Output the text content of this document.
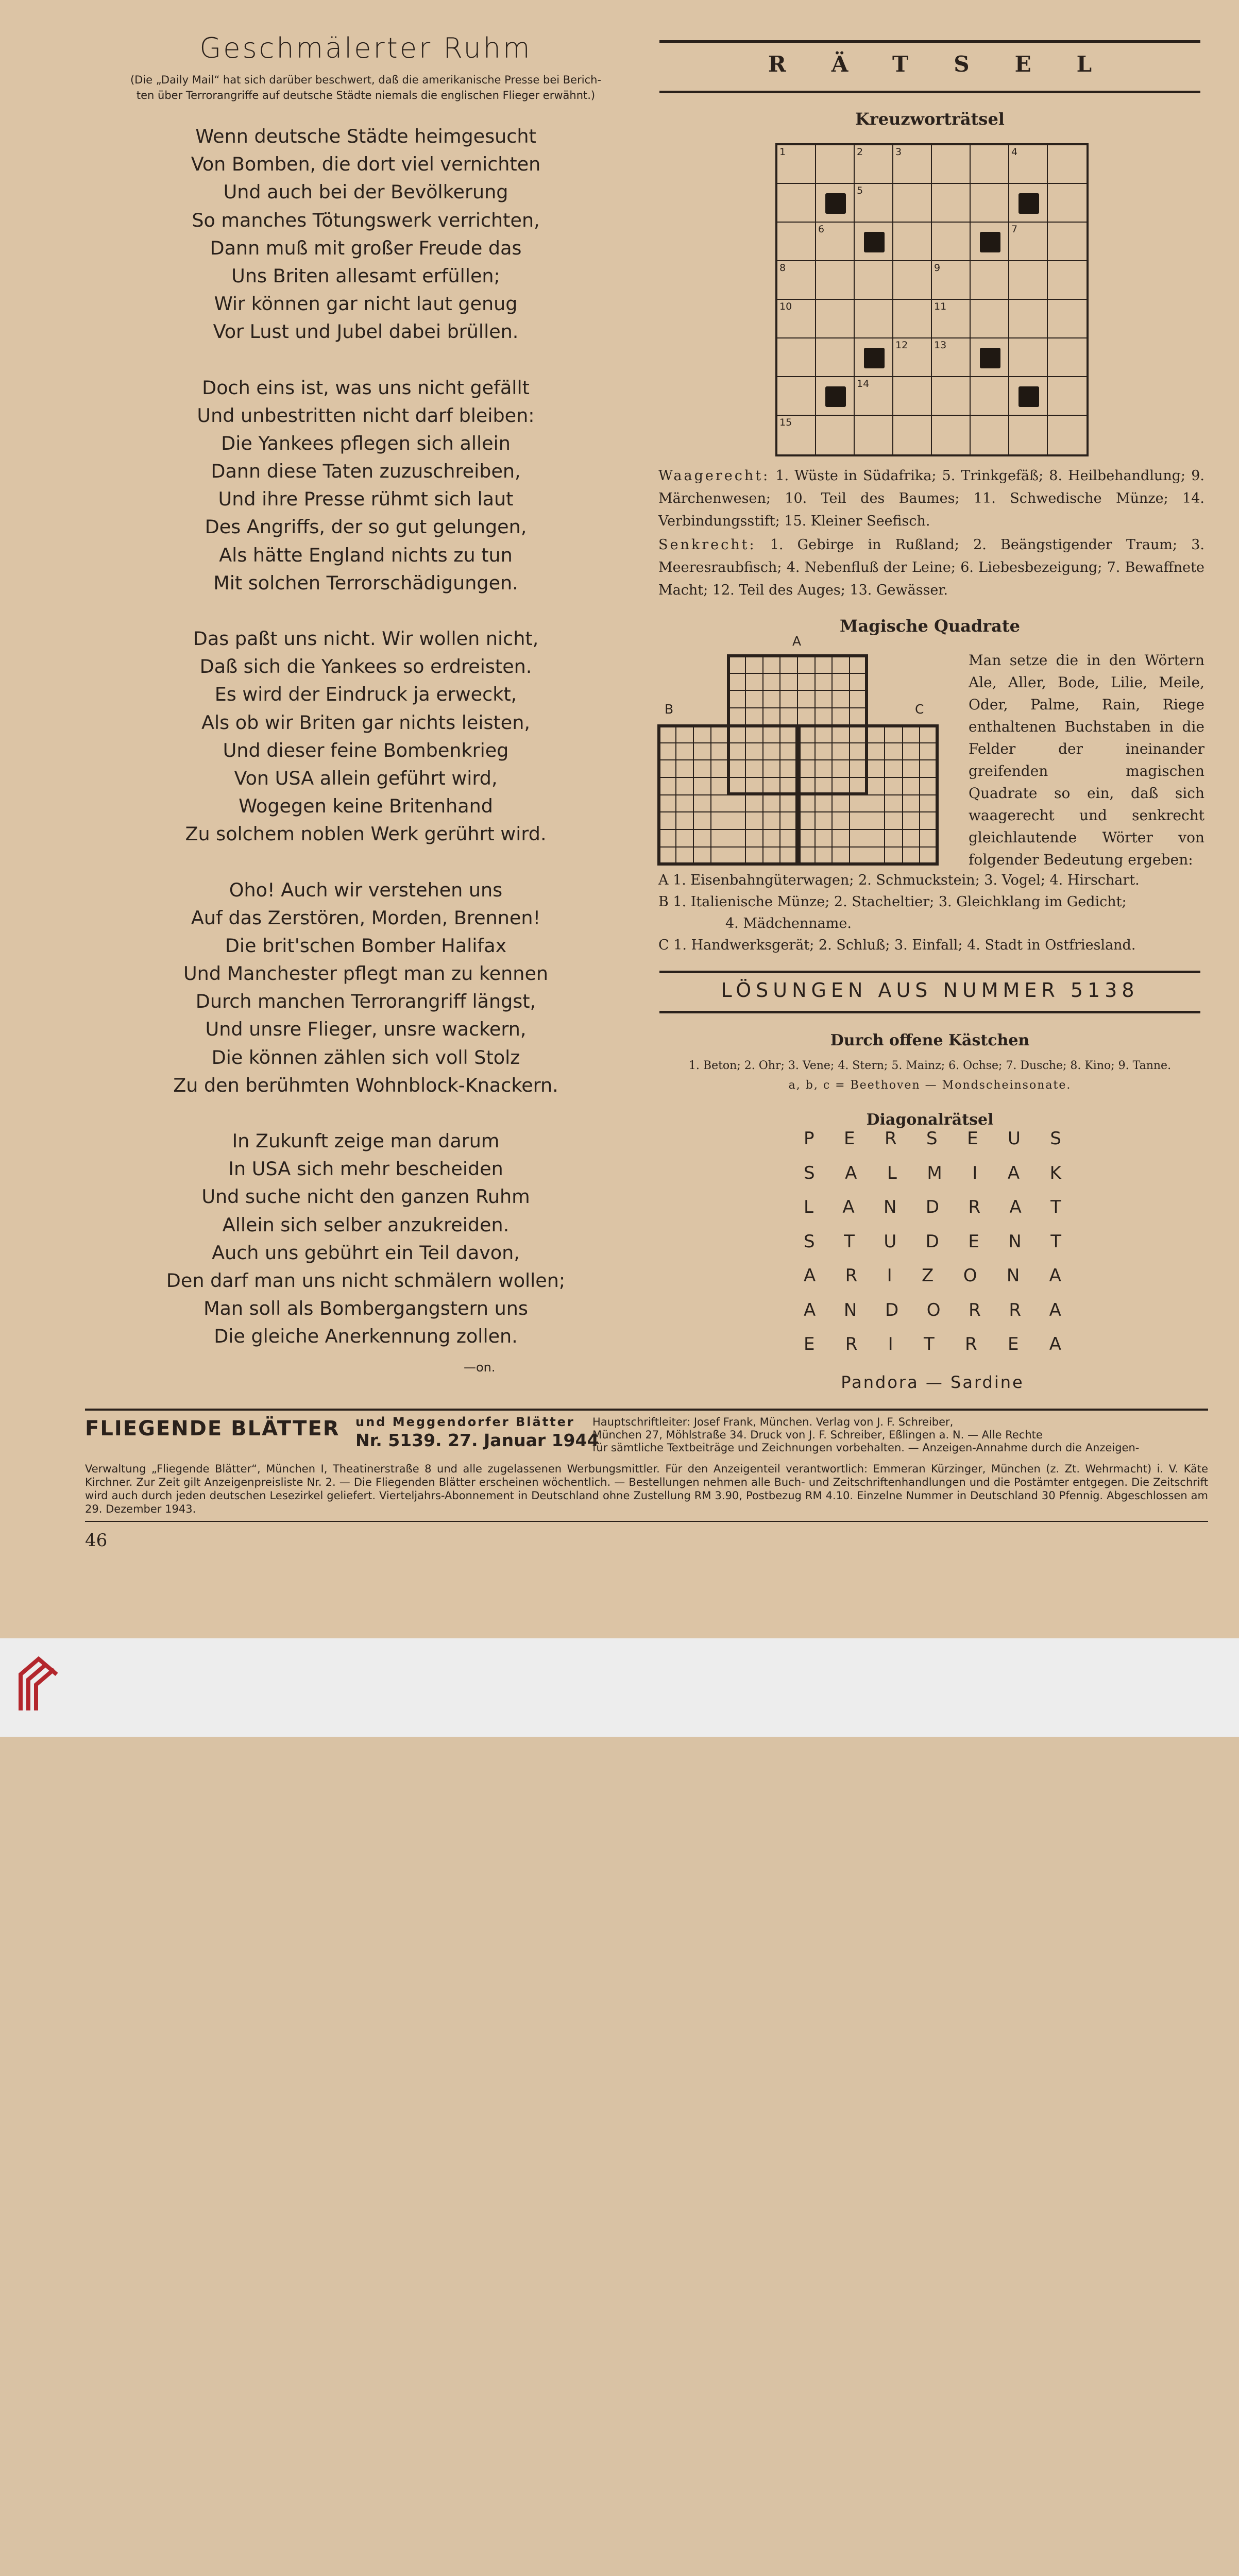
Geschmälerter Ruhm
(Die „Daily Mail“ hat sich darüber beschwert, daß die amerikanische Presse bei Berich-
ten über Terrorangriffe auf deutsche Städte niemals die englischen Flieger erwähnt.)
Wenn deutsche Städte heimgesucht
Von Bomben, die dort viel vernichten
Und auch bei der Bevölkerung
So manches Tötungswerk verrichten,
Dann muß mit großer Freude das
Uns Briten allesamt erfüllen;
Wir können gar nicht laut genug
Vor Lust und Jubel dabei brüllen.
Doch eins ist, was uns nicht gefällt
Und unbestritten nicht darf bleiben:
Die Yankees pflegen sich allein
Dann diese Taten zuzuschreiben,
Und ihre Presse rühmt sich laut
Des Angriffs, der so gut gelungen,
Als hätte England nichts zu tun
Mit solchen Terrorschädigungen.
Das paßt uns nicht. Wir wollen nicht,
Daß sich die Yankees so erdreisten.
Es wird der Eindruck ja erweckt,
Als ob wir Briten gar nichts leisten,
Und dieser feine Bombenkrieg
Von USA allein geführt wird,
Wogegen keine Britenhand
Zu solchem noblen Werk gerührt wird.
Oho! Auch wir verstehen uns
Auf das Zerstören, Morden, Brennen!
Die brit'schen Bomber Halifax
Und Manchester pflegt man zu kennen
Durch manchen Terrorangriff längst,
Und unsre Flieger, unsre wackern,
Die können zählen sich voll Stolz
Zu den berühmten Wohnblock-Knackern.
In Zukunft zeige man darum
In USA sich mehr bescheiden
Und suche nicht den ganzen Ruhm
Allein sich selber anzukreiden.
Auch uns gebührt ein Teil davon,
Den darf man uns nicht schmälern wollen;
Man soll als Bombergangstern uns
Die gleiche Anerkennung zollen.
—on.
RÄTSEL
Kreuzworträtsel
1	2	3	4
5
6	7
8	9
10	11
12	13
14
15
Waagerecht: 1. Wüste in Südafrika; 5. Trinkgefäß; 8. Heilbehandlung; 9. Märchenwesen; 10. Teil des Baumes; 11. Schwedische Münze; 14. Verbindungsstift; 15. Kleiner Seefisch.
Senkrecht: 1. Gebirge in Rußland; 2. Beängstigender Traum; 3. Meeresraubfisch; 4. Nebenfluß der Leine; 6. Liebesbezeigung; 7. Bewaffnete Macht; 12. Teil des Auges; 13. Gewässer.
Magische Quadrate
A
B	C
Man setze die in den Wörtern Ale, Aller, Bode, Lilie, Meile, Oder, Palme, Rain, Riege enthaltenen Buchstaben in die Felder der ineinander greifenden magischen Quadrate so ein, daß sich waagerecht und senkrecht gleichlautende Wörter von folgender Bedeutung ergeben:
A 1. Eisenbahngüterwagen; 2. Schmuckstein; 3. Vogel; 4. Hirschart.
B 1. Italienische Münze; 2. Stacheltier; 3. Gleichklang im Gedicht;
4. Mädchenname.
C 1. Handwerksgerät; 2. Schluß; 3. Einfall; 4. Stadt in Ostfriesland.
LÖSUNGEN AUS NUMMER 5138
Durch offene Kästchen
1. Beton; 2. Ohr; 3. Vene; 4. Stern; 5. Mainz; 6. Ochse; 7. Dusche; 8. Kino; 9. Tanne.
a, b, c = Beethoven — Mondscheinsonate.
Diagonalrätsel
P E R S E U S
S A L M I A K
L A N D R A T
S T U D E N T
A R I Z O N A
A N D O R R A
E R I T R E A
Pandora — Sardine
FLIEGENDE BLÄTTER und Meggendorfer Blätter
Nr. 5139. 27. Januar 1944
Hauptschriftleiter: Josef Frank, München. Verlag von J. F. Schreiber,
München 27, Möhlstraße 34. Druck von J. F. Schreiber, Eßlingen a. N. — Alle Rechte
für sämtliche Textbeiträge und Zeichnungen vorbehalten. — Anzeigen-Annahme durch die Anzeigen-
Verwaltung „Fliegende Blätter“, München I, Theatinerstraße 8 und alle zugelassenen Werbungsmittler. Für den Anzeigenteil verantwortlich: Emmeran Kürzinger, München (z. Zt. Wehrmacht) i. V. Käte Kirchner. Zur Zeit gilt Anzeigenpreisliste Nr. 2. — Die Fliegenden Blätter erscheinen wöchentlich. — Bestellungen nehmen alle Buch- und Zeitschriftenhandlungen und die Postämter entgegen. Die Zeitschrift wird auch durch jeden deutschen Lesezirkel geliefert. Vierteljahrs-Abonnement in Deutschland ohne Zustellung RM 3.90, Postbezug RM 4.10. Einzelne Nummer in Deutschland 30 Pfennig. Abgeschlossen am 29. Dezember 1943.
46
